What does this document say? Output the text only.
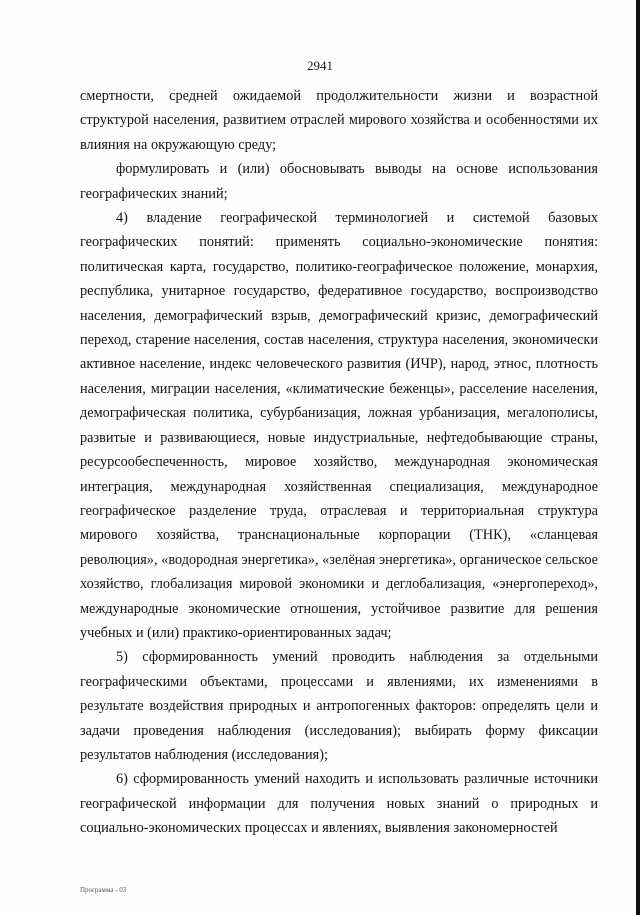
2941

смертности, средней ожидаемой продолжительности жизни и возрастной структурой населения, развитием отраслей мирового хозяйства и особенностями их влияния на окружающую среду;

формулировать и (или) обосновывать выводы на основе использования географических знаний;

4) владение географической терминологией и системой базовых географических понятий: применять социально-экономические понятия: политическая карта, государство, политико-географическое положение, монархия, республика, унитарное государство, федеративное государство, воспроизводство населения, демографический взрыв, демографический кризис, демографический переход, старение населения, состав населения, структура населения, экономически активное население, индекс человеческого развития (ИЧР), народ, этнос, плотность населения, миграции населения, «климатические беженцы», расселение населения, демографическая политика, субурбанизация, ложная урбанизация, мегалополисы, развитые и развивающиеся, новые индустриальные, нефтедобывающие страны, ресурсообеспеченность, мировое хозяйство, международная экономическая интеграция, международная хозяйственная специализация, международное географическое разделение труда, отраслевая и территориальная структура мирового хозяйства, транснациональные корпорации (ТНК), «сланцевая революция», «водородная энергетика», «зелёная энергетика», органическое сельское хозяйство, глобализация мировой экономики и деглобализация, «энергопереход», международные экономические отношения, устойчивое развитие для решения учебных и (или) практико-ориентированных задач;

5) сформированность умений проводить наблюдения за отдельными географическими объектами, процессами и явлениями, их изменениями в результате воздействия природных и антропогенных факторов: определять цели и задачи проведения наблюдения (исследования); выбирать форму фиксации результатов наблюдения (исследования);

6) сформированность умений находить и использовать различные источники географической информации для получения новых знаний о природных и социально-экономических процессах и явлениях, выявления закономерностей

Программа - 03
